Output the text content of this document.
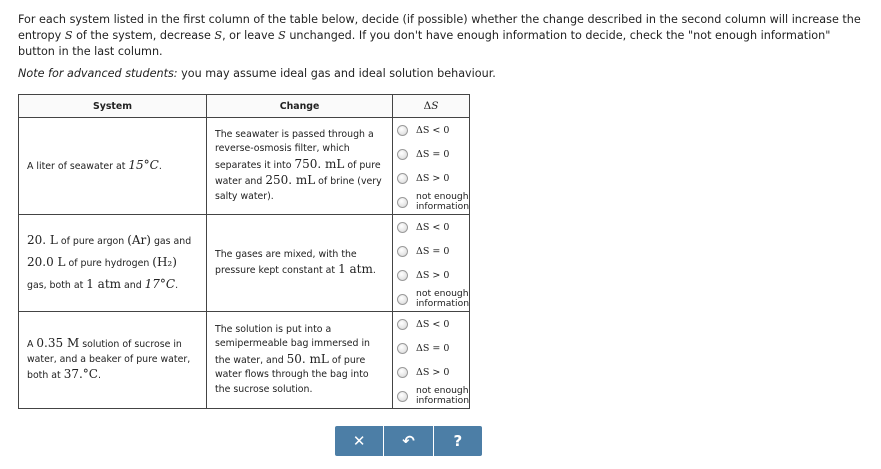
For each system listed in the first column of the table below, decide (if possible) whether the change described in the second column will increase the entropy S of the system, decrease S, or leave S unchanged. If you don't have enough information to decide, check the "not enough information" button in the last column.
Note for advanced students: you may assume ideal gas and ideal solution behaviour.
System	Change	ΔS

A liter of seawater at 15°C.	The seawater is passed through a reverse-osmosis filter, which separates it into 750. mL of pure water and 250. mL of brine (very salty water).	ΔS < 0
ΔS = 0
ΔS > 0
not enough information

20. L of pure argon (Ar) gas and 20.0 L of pure hydrogen (H₂) gas, both at 1 atm and 17°C.	The gases are mixed, with the pressure kept constant at 1 atm.	ΔS < 0
ΔS = 0
ΔS > 0
not enough information

A 0.35 M solution of sucrose in water, and a beaker of pure water, both at 37.°C.	The solution is put into a semipermeable bag immersed in the water, and 50. mL of pure water flows through the bag into the sucrose solution.	ΔS < 0
ΔS = 0
ΔS > 0
not enough information
✕ ↶	?
